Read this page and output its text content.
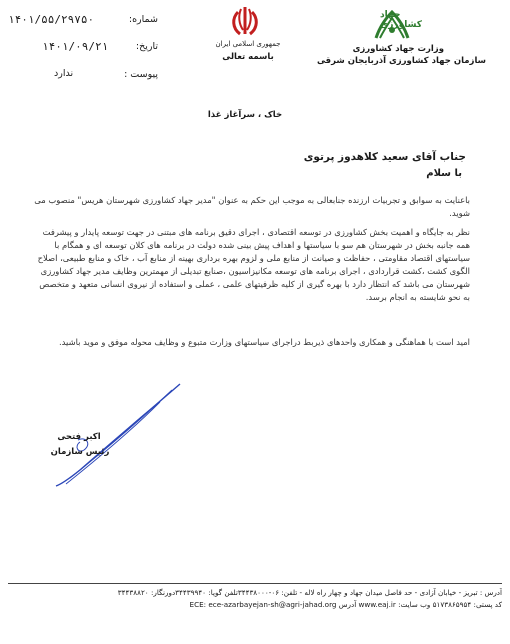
جهاد کشاورزی
وزارت جهاد کشاورزی
سازمان جهاد کشاورزی آذربایجان شرقی
جمهوری اسلامی ایران
باسمه تعالی
۱۴۰۱/۵۵/۲۹۷۵۰	شماره:
۱۴۰۱/۰۹/۲۱	تاریخ:
ندارد	پیوست :
خاک ، سرآغاز غذا
جناب آقای سعید کلاهدوز پرتوی
با سلام
باعنایت به سوابق و تجربیات ارزنده جنابعالی به موجب این حکم به عنوان "مدیر جهاد کشاورزی شهرستان هریس" منصوب می شوید.
نظر به جایگاه و اهمیت بخش کشاورزی در توسعه اقتصادی ، اجرای دقیق برنامه های مبتنی در جهت توسعه پایدار و پیشرفت همه جانبه بخش در شهرستان هم سو با سیاستها و اهداف پیش بینی شده دولت در برنامه های کلان توسعه ای و همگام با سیاستهای اقتصاد مقاومتی ، حفاظت و صیانت از منابع ملی و لزوم بهره برداری بهینه از منابع آب ، خاک و منابع طبیعی، اصلاح الگوی کشت ،کشت قراردادی ، اجرای برنامه های توسعه مکانیزاسیون ،صنایع تبدیلی از مهمترین وظایف مدیر جهاد کشاورزی شهرستان می باشد که انتظار دارد با بهره گیری از کلیه ظرفیتهای علمی ، عملی و استفاده از نیروی انسانی متعهد و متخصص به نحو شایسته به انجام برسد.
امید است با هماهنگی و همکاری واحدهای ذیربط دراجرای سیاستهای وزارت متبوع و وظایف محوله موفق و موید باشید.
اکبر فتحی
رئیس سازمان
آدرس : تبریز - خیابان آزادی - حد فاصل میدان جهاد و چهار راه لاله - تلفن: ۰۶-۳۴۴۳۸۰۰۰تلفن گویا: ۳۴۴۳۹۹۴۰دورنگار: ۳۴۴۳۸۸۲۰
کد پستی: ۵۱۷۳۸۶۵۹۵۴ وب سایت: www.eaj.ir آدرس ECE: ece-azarbayejan-sh@agri-jahad.org
